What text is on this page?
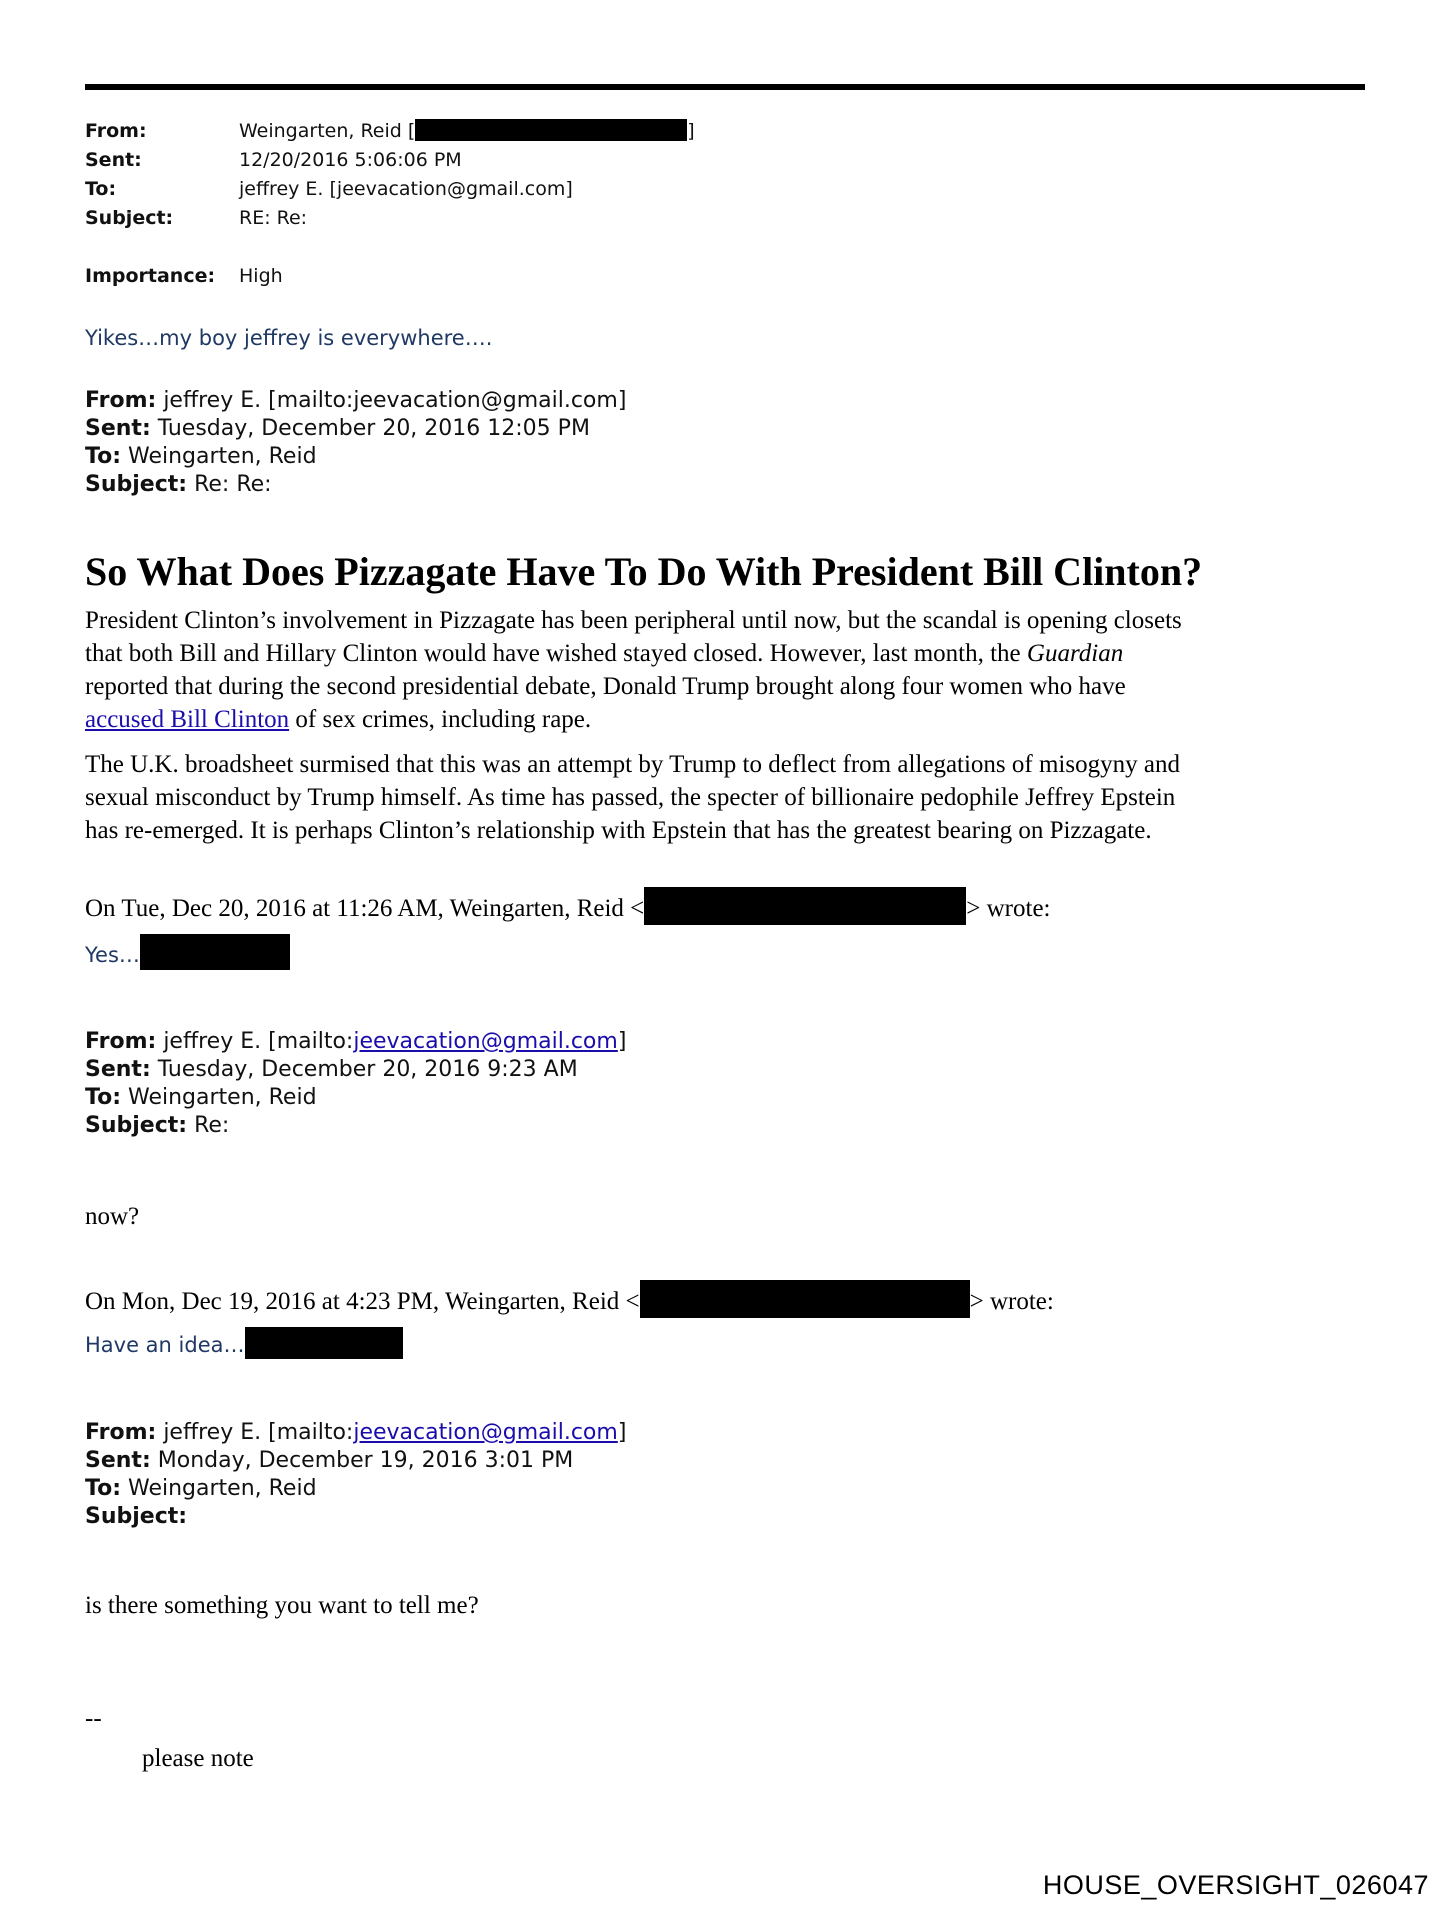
From:	Weingarten, Reid [	]
Sent:	12/20/2016 5:06:06 PM
To:	jeffrey E. [jeevacation@gmail.com]
Subject:	RE: Re:
Importance: High
Yikes…my boy jeffrey is everywhere….
From: jeffrey E. [mailto:jeevacation@gmail.com]
Sent: Tuesday, December 20, 2016 12:05 PM
To: Weingarten, Reid
Subject: Re: Re:
So What Does Pizzagate Have To Do With President Bill Clinton?
President Clinton’s involvement in Pizzagate has been peripheral until now, but the scandal is opening closets
that both Bill and Hillary Clinton would have wished stayed closed. However, last month, the Guardian
reported that during the second presidential debate, Donald Trump brought along four women who have
accused Bill Clinton of sex crimes, including rape.
The U.K. broadsheet surmised that this was an attempt by Trump to deflect from allegations of misogyny and
sexual misconduct by Trump himself. As time has passed, the specter of billionaire pedophile Jeffrey Epstein
has re-emerged. It is perhaps Clinton’s relationship with Epstein that has the greatest bearing on Pizzagate.
On Tue, Dec 20, 2016 at 11:26 AM, Weingarten, Reid <	> wrote:
Yes…
From: jeffrey E. [mailto:jeevacation@gmail.com]
Sent: Tuesday, December 20, 2016 9:23 AM
To: Weingarten, Reid
Subject: Re:
now?
On Mon, Dec 19, 2016 at 4:23 PM, Weingarten, Reid <	> wrote:
Have an idea…
From: jeffrey E. [mailto:jeevacation@gmail.com]
Sent: Monday, December 19, 2016 3:01 PM
To: Weingarten, Reid
Subject:
is there something you want to tell me?
--
please note
HOUSE_OVERSIGHT_026047
